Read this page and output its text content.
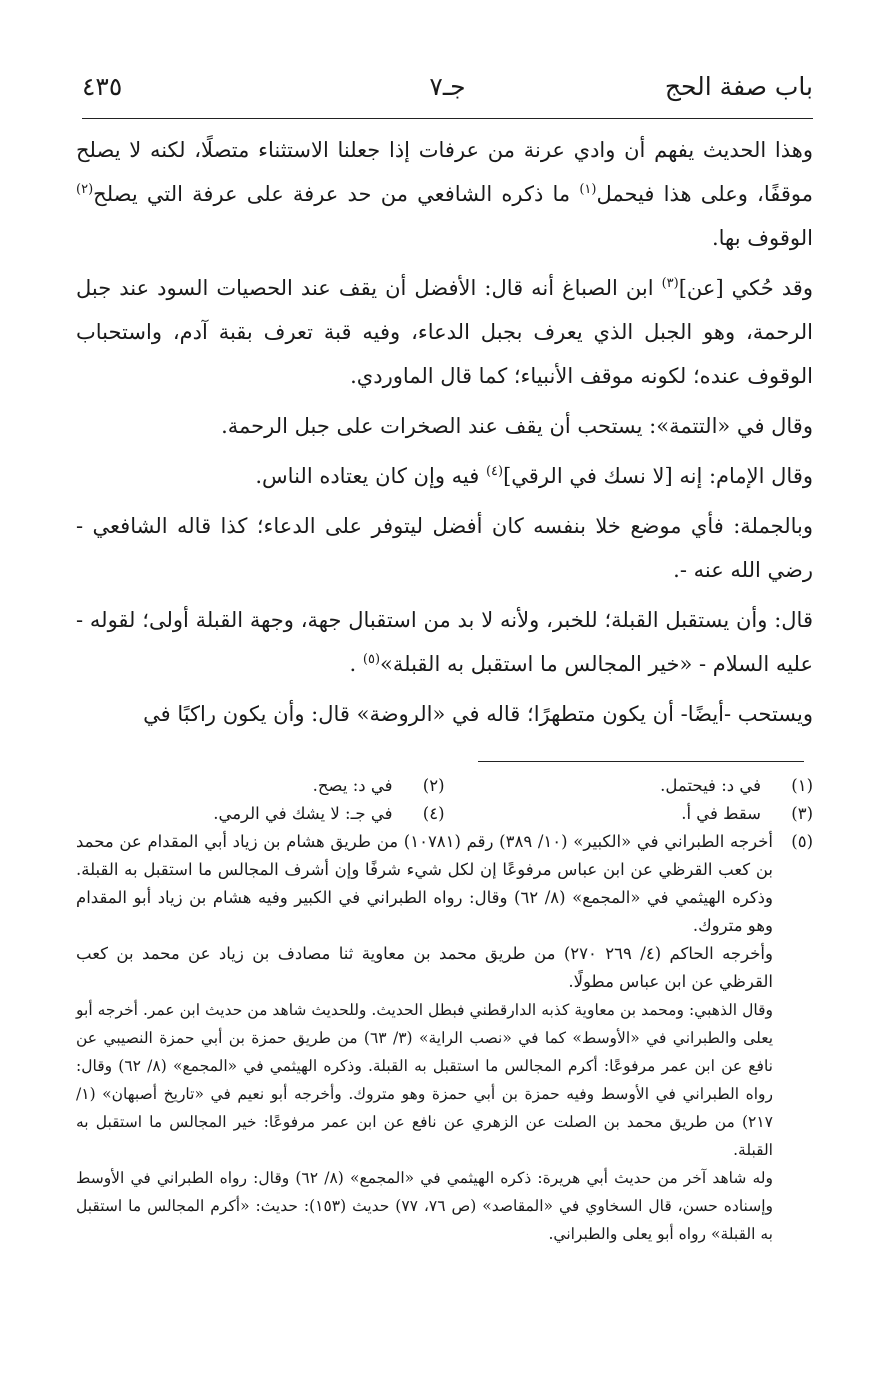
باب صفة الحج
جـ٧
٤٣٥

وهذا الحديث يفهم أن وادي عرنة من عرفات إذا جعلنا الاستثناء متصلًا، لكنه لا يصلح موقفًا، وعلى هذا فيحمل$^{(١)}$ ما ذكره الشافعي من حد عرفة على عرفة التي يصلح$^{(٢)}$ الوقوف بها.

وقد حُكي [عن]$^{(٣)}$ ابن الصباغ أنه قال: الأفضل أن يقف عند الحصيات السود عند جبل الرحمة، وهو الجبل الذي يعرف بجبل الدعاء، وفيه قبة تعرف بقبة آدم، واستحباب الوقوف عنده؛ لكونه موقف الأنبياء؛ كما قال الماوردي.

وقال في «التتمة»: يستحب أن يقف عند الصخرات على جبل الرحمة.

وقال الإمام: إنه [لا نسك في الرقي]$^{(٤)}$ فيه وإن كان يعتاده الناس.

وبالجملة: فأي موضع خلا بنفسه كان أفضل ليتوفر على الدعاء؛ كذا قاله الشافعي - رضي الله عنه -.

قال: وأن يستقبل القبلة؛ للخبر، ولأنه لا بد من استقبال جهة، وجهة القبلة أولى؛ لقوله - عليه السلام - «خير المجالس ما استقبل به القبلة»$^{(٥)}$ .

ويستحب -أيضًا- أن يكون متطهرًا؛ قاله في «الروضة» قال: وأن يكون راكبًا في

(١)
في د: فيحتمل.
(٢)
في د: يصح.
(٣)
سقط في أ.
(٤)
في جـ: لا يشك في الرمي.
(٥)

أخرجه الطبراني في «الكبير» (١٠/ ٣٨٩) رقم (١٠٧٨١) من طريق هشام بن زياد أبي المقدام عن محمد بن كعب القرظي عن ابن عباس مرفوعًا إن لكل شيء شرفًا وإن أشرف المجالس ما استقبل به القبلة. وذكره الهيثمي في «المجمع» (٨/ ٦٢) وقال: رواه الطبراني في الكبير وفيه هشام بن زياد أبو المقدام وهو متروك.

وأخرجه الحاكم (٤/ ٢٦٩ ٢٧٠) من طريق محمد بن معاوية ثنا مصادف بن زياد عن محمد بن كعب القرظي عن ابن عباس مطولًا.

وقال الذهبي: ومحمد بن معاوية كذبه الدارقطني فبطل الحديث. وللحديث شاهد من حديث ابن عمر. أخرجه أبو يعلى والطبراني في «الأوسط» كما في «نصب الراية» (٣/ ٦٣) من طريق حمزة بن أبي حمزة النصيبي عن نافع عن ابن عمر مرفوعًا: أكرم المجالس ما استقبل به القبلة. وذكره الهيثمي في «المجمع» (٨/ ٦٢) وقال: رواه الطبراني في الأوسط وفيه حمزة بن أبي حمزة وهو متروك. وأخرجه أبو نعيم في «تاريخ أصبهان» (١/ ٢١٧) من طريق محمد بن الصلت عن الزهري عن نافع عن ابن عمر مرفوعًا: خير المجالس ما استقبل به القبلة.

وله شاهد آخر من حديث أبي هريرة: ذكره الهيثمي في «المجمع» (٨/ ٦٢) وقال: رواه الطبراني في الأوسط وإسناده حسن، قال السخاوي في «المقاصد» (ص ٧٦، ٧٧) حديث (١٥٣): حديث: «أكرم المجالس ما استقبل به القبلة» رواه أبو يعلى والطبراني.
